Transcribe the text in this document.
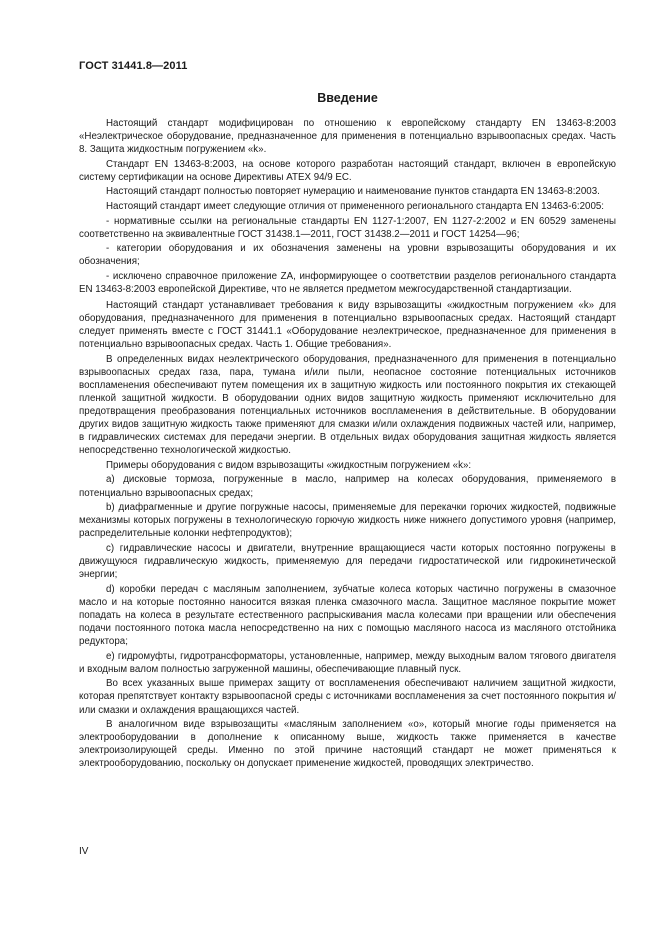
ГОСТ 31441.8—2011
Введение

Настоящий стандарт модифицирован по отношению к европейскому стандарту EN 13463-8:2003 «Неэлектрическое оборудование, предназначенное для применения в потенциально взрывоопасных средах. Часть 8. Защита жидкостным погружением «k».

Стандарт EN 13463-8:2003, на основе которого разработан настоящий стандарт, включен в европейскую систему сертификации на основе Директивы ATEX 94/9 EC.

Настоящий стандарт полностью повторяет нумерацию и наименование пунктов стандарта EN 13463-8:2003.

Настоящий стандарт имеет следующие отличия от примененного регионального стандарта EN 13463-6:2005:

- нормативные ссылки на региональные стандарты EN 1127-1:2007, EN 1127-2:2002 и EN 60529 заменены соответственно на эквивалентные ГОСТ 31438.1—2011, ГОСТ 31438.2—2011 и ГОСТ 14254—96;

- категории оборудования и их обозначения заменены на уровни взрывозащиты оборудования и их обозначения;

- исключено справочное приложение ZA, информирующее о соответствии разделов регионального стандарта EN 13463-8:2003 европейской Директиве, что не является предметом межгосударственной стандартизации.

Настоящий стандарт устанавливает требования к виду взрывозащиты «жидкостным погружением «k» для оборудования, предназначенного для применения в потенциально взрывоопасных средах. Настоящий стандарт следует применять вместе с ГОСТ 31441.1 «Оборудование неэлектрическое, предназначенное для применения в потенциально взрывоопасных средах. Часть 1. Общие требования».

В определенных видах неэлектрического оборудования, предназначенного для применения в потенциально взрывоопасных средах газа, пара, тумана и/или пыли, неопасное состояние потенциальных источников воспламенения обеспечивают путем помещения их в защитную жидкость или постоянного покрытия их стекающей пленкой защитной жидкости. В оборудовании одних видов защитную жидкость применяют исключительно для предотвращения преобразования потенциальных источников воспламенения в действительные. В оборудовании других видов защитную жидкость также применяют для смазки и/или охлаждения подвижных частей или, например, в гидравлических системах для передачи энергии. В отдельных видах оборудования защитная жидкость является непосредственно технологической жидкостью.

Примеры оборудования с видом взрывозащиты «жидкостным погружением «k»:

a) дисковые тормоза, погруженные в масло, например на колесах оборудования, применяемого в потенциально взрывоопасных средах;

b) диафрагменные и другие погружные насосы, применяемые для перекачки горючих жидкостей, подвижные механизмы которых погружены в технологическую горючую жидкость ниже нижнего допустимого уровня (например, распределительные колонки нефтепродуктов);

c) гидравлические насосы и двигатели, внутренние вращающиеся части которых постоянно погружены в движущуюся гидравлическую жидкость, применяемую для передачи гидростатической или гидрокинетической энергии;

d) коробки передач с масляным заполнением, зубчатые колеса которых частично погружены в смазочное масло и на которые постоянно наносится вязкая пленка смазочного масла. Защитное масляное покрытие может попадать на колеса в результате естественного распрыскивания масла колесами при вращении или обеспечения подачи постоянного потока масла непосредственно на них с помощью масляного насоса из масляного отстойника редуктора;

e) гидромуфты, гидротрансформаторы, установленные, например, между выходным валом тягового двигателя и входным валом полностью загруженной машины, обеспечивающие плавный пуск.

Во всех указанных выше примерах защиту от воспламенения обеспечивают наличием защитной жидкости, которая препятствует контакту взрывоопасной среды с источниками воспламенения за счет постоянного покрытия и/или смазки и охлаждения вращающихся частей.

В аналогичном виде взрывозащиты «масляным заполнением «о», который многие годы применяется на электрооборудовании в дополнение к описанному выше, жидкость также применяется в качестве электроизолирующей среды. Именно по этой причине настоящий стандарт не может применяться к электрооборудованию, поскольку он допускает применение жидкостей, проводящих электричество.

IV
